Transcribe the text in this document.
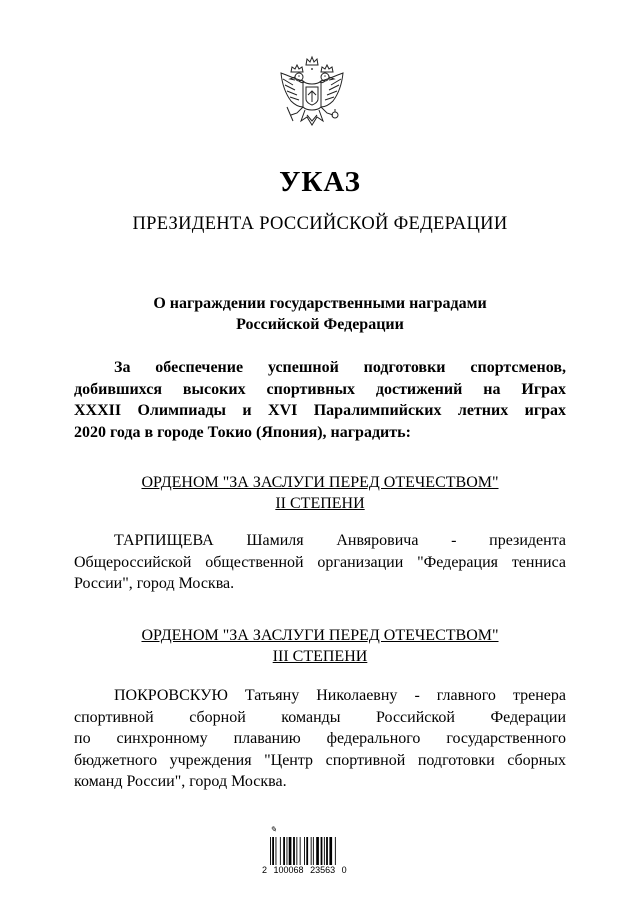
УКАЗ
ПРЕЗИДЕНТА РОССИЙСКОЙ ФЕДЕРАЦИИ
О награждении государственными наградами
Российской Федерации
За обеспечение успешной подготовки спортсменов,
добившихся высоких спортивных достижений на Играх
XXXII Олимпиады и XVI Паралимпийских летних играх
2020 года в городе Токио (Япония), наградить:
ОРДЕНОМ "ЗА ЗАСЛУГИ ПЕРЕД ОТЕЧЕСТВОМ"
II СТЕПЕНИ
ТАРПИЩЕВА Шамиля Анвяровича - президента
Общероссийской общественной организации "Федерация тенниса
России", город Москва.
ОРДЕНОМ "ЗА ЗАСЛУГИ ПЕРЕД ОТЕЧЕСТВОМ"
III СТЕПЕНИ
ПОКРОВСКУЮ Татьяну Николаевну - главного тренера
спортивной сборной команды Российской Федерации
по синхронному плаванию федерального государственного
бюджетного учреждения "Центр спортивной подготовки сборных
команд России", город Москва.
✎
2 100068 23563 0
